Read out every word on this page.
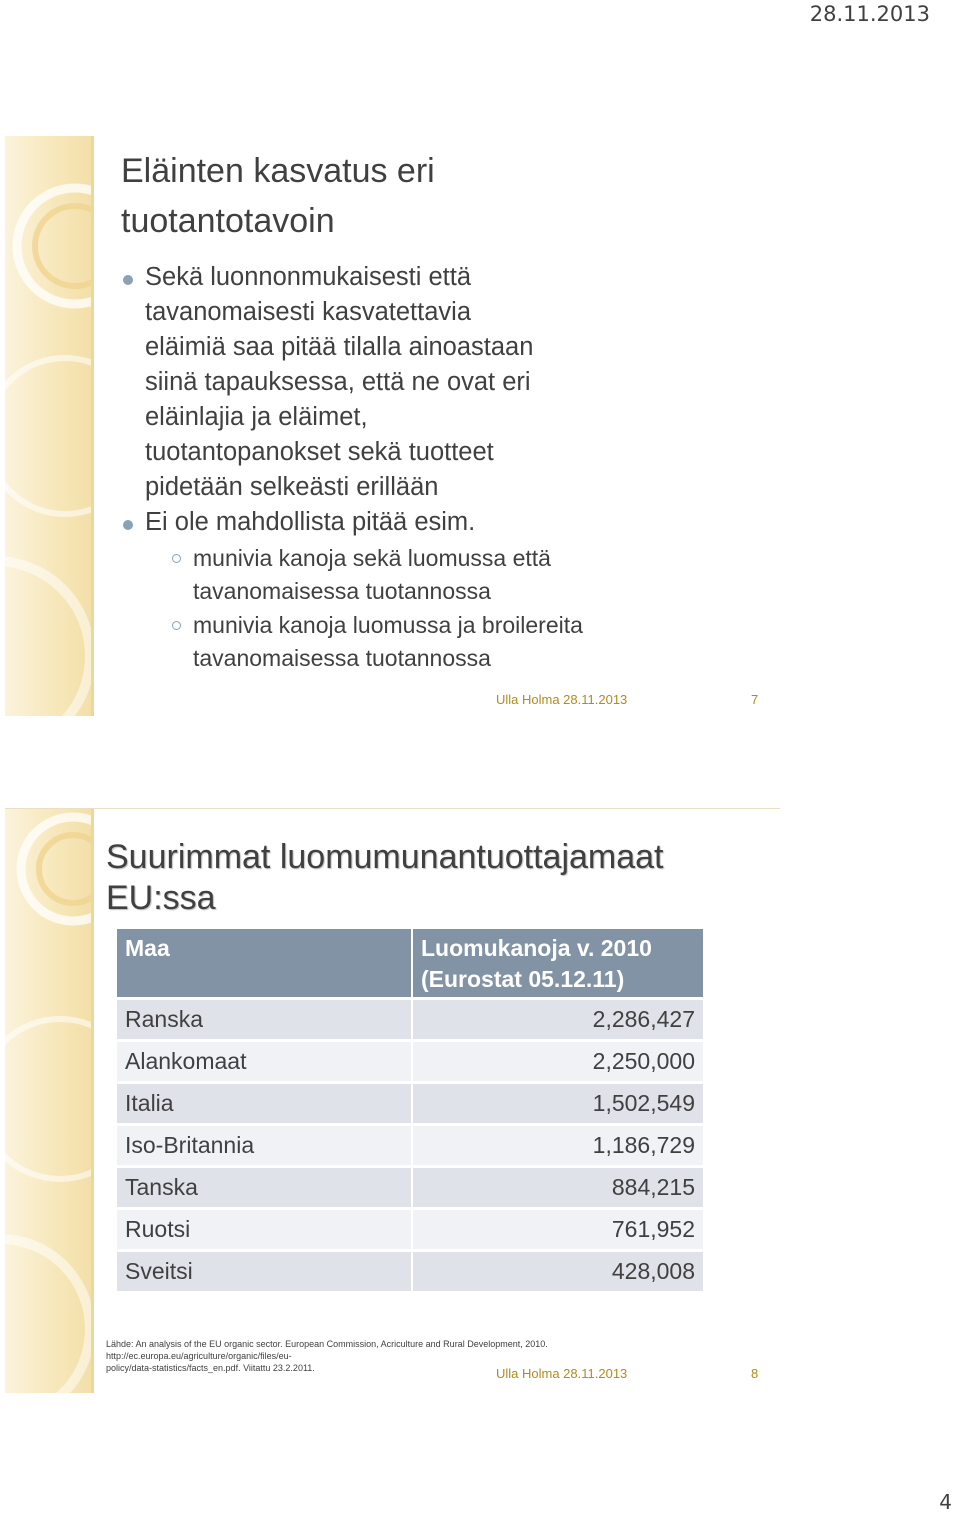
28.11.2013
Eläinten kasvatus eri
tuotantotavoin
Sekä luonnonmukaisesti että
tavanomaisesti kasvatettavia
eläimiä saa pitää tilalla ainoastaan
siinä tapauksessa, että ne ovat eri
eläinlajia ja eläimet,
tuotantopanokset sekä tuotteet
pidetään selkeästi erillään
Ei ole mahdollista pitää esim.
munivia kanoja sekä luomussa että
tavanomaisessa tuotannossa
munivia kanoja luomussa ja broilereita
tavanomaisessa tuotannossa
Ulla Holma 28.11.2013	7
Suurimmat luomumunantuottajamaat
EU:ssa
Maa	Luomukanoja v. 2010
(Eurostat 05.12.11)

Ranska	2,286,427
Alankomaat	2,250,000
Italia	1,502,549
Iso-Britannia	1,186,729
Tanska	884,215
Ruotsi	761,952
Sveitsi	428,008
Lähde: An analysis of the EU organic sector. European Commission, Acriculture and Rural Development, 2010. http://ec.europa.eu/agriculture/organic/files/eu-
policy/data-statistics/facts_en.pdf. Viitattu 23.2.2011.	Ulla Holma 28.11.2013	8
4
